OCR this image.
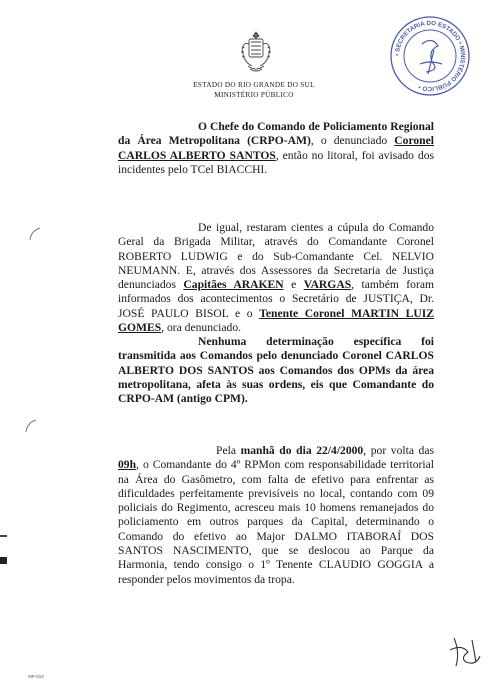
ESTADO DO RIO GRANDE DO SUL
MINISTÉRIO PÚBLICO
• SECRETARIA DO ESTADO • MINISTÉRIO PÚBLICO •

O Chefe do Comando de Policiamento Regional da Área Metropolitana (CRPO-AM), o denunciado Coronel CARLOS ALBERTO SANTOS, então no litoral, foi avisado dos incidentes pelo TCel BIACCHI.

De igual, restaram cientes a cúpula do Comando Geral da Brigada Militar, através do Comandante Coronel ROBERTO LUDWIG e do Sub-Comandante Cel. NELVIO NEUMANN. E, através dos Assessores da Secretaria de Justiça denunciados Capitães ARAKEN e VARGAS, também foram informados dos acontecimentos o Secretário de JUSTIÇA, Dr. JOSÉ PAULO BISOL e o Tenente Coronel MARTIN LUIZ GOMES, ora denunciado.

Nenhuma determinação específica foi transmitida aos Comandos pelo denunciado Coronel CARLOS ALBERTO DOS SANTOS aos Comandos dos OPMs da área metropolitana, afeta às suas ordens, eis que Comandante do CRPO-AM (antigo CPM).

Pela manhã do dia 22/4/2000, por volta das 09h, o Comandante do 4º RPMon com responsabilidade territorial na Área do Gasômetro, com falta de efetivo para enfrentar as dificuldades perfeitamente previsíveis no local, contando com 09 policiais do Regimento, acresceu mais 10 homens remanejados do policiamento em outros parques da Capital, determinando o Comando do efetivo ao Major DALMO ITABORAÍ DOS SANTOS NASCIMENTO, que se deslocou ao Parque da Harmonia, tendo consigo o 1º Tenente CLAUDIO GOGGIA a responder pelos movimentos da tropa.

MP-010
